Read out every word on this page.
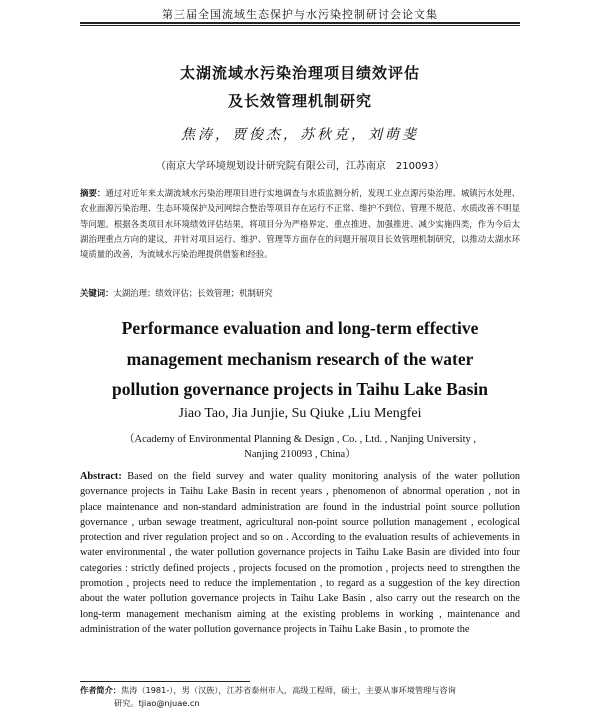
第三届全国流域生态保护与水污染控制研讨会论文集
太湖流域水污染治理项目绩效评估
及长效管理机制研究
焦涛，贾俊杰，苏秋克，刘萌斐
（南京大学环境规划设计研究院有限公司，江苏南京　210093）
摘要：通过对近年来太湖流域水污染治理项目进行实地调查与水质监测分析，发现工业点源污染治理、城镇污水处理、农业面源污染治理、生态环境保护及河网综合整治等项目存在运行不正常、维护不到位、管理不规范、水质改善不明显等问题。根据各类项目水环境绩效评估结果，将项目分为严格界定、重点推进、加强推进、减少实施四类，作为今后太湖治理重点方向的建议，并针对项目运行、维护、管理等方面存在的问题开展项目长效管理机制研究，以推动太湖水环境质量的改善，为流域水污染治理提供借鉴和经验。
关键词：太湖治理；绩效评估；长效管理；机制研究
Performance evaluation and long-term effective
management mechanism research of the water
pollution governance projects in Taihu Lake Basin
Jiao Tao, Jia Junjie, Su Qiuke ,Liu Mengfei
（Academy of Environmental Planning & Design , Co. , Ltd. , Nanjing University ,
Nanjing 210093 , China）
Abstract: Based on the field survey and water quality monitoring analysis of the water pollution governance projects in Taihu Lake Basin in recent years , phenomenon of abnormal operation , not in place maintenance and non-standard administration are found in the industrial point source pollution governance , urban sewage treatment, agricultural non-point source pollution management , ecological protection and river regulation project and so on . According to the evaluation results of achievements in water environmental , the water pollution governance projects in Taihu Lake Basin are divided into four categories : strictly defined projects , projects focused on the promotion , projects need to strengthen the promotion , projects need to reduce the implementation , to regard as a suggestion of the key direction about the water pollution governance projects in Taihu Lake Basin , also carry out the research on the long-term management mechanism aiming at the existing problems in working , maintenance and administration of the water pollution governance projects in Taihu Lake Basin , to promote the
作者简介：焦涛（1981-），男（汉族），江苏省泰州市人，高级工程师，硕士，主要从事环境管理与咨询
研究。tjiao@njuae.cn
